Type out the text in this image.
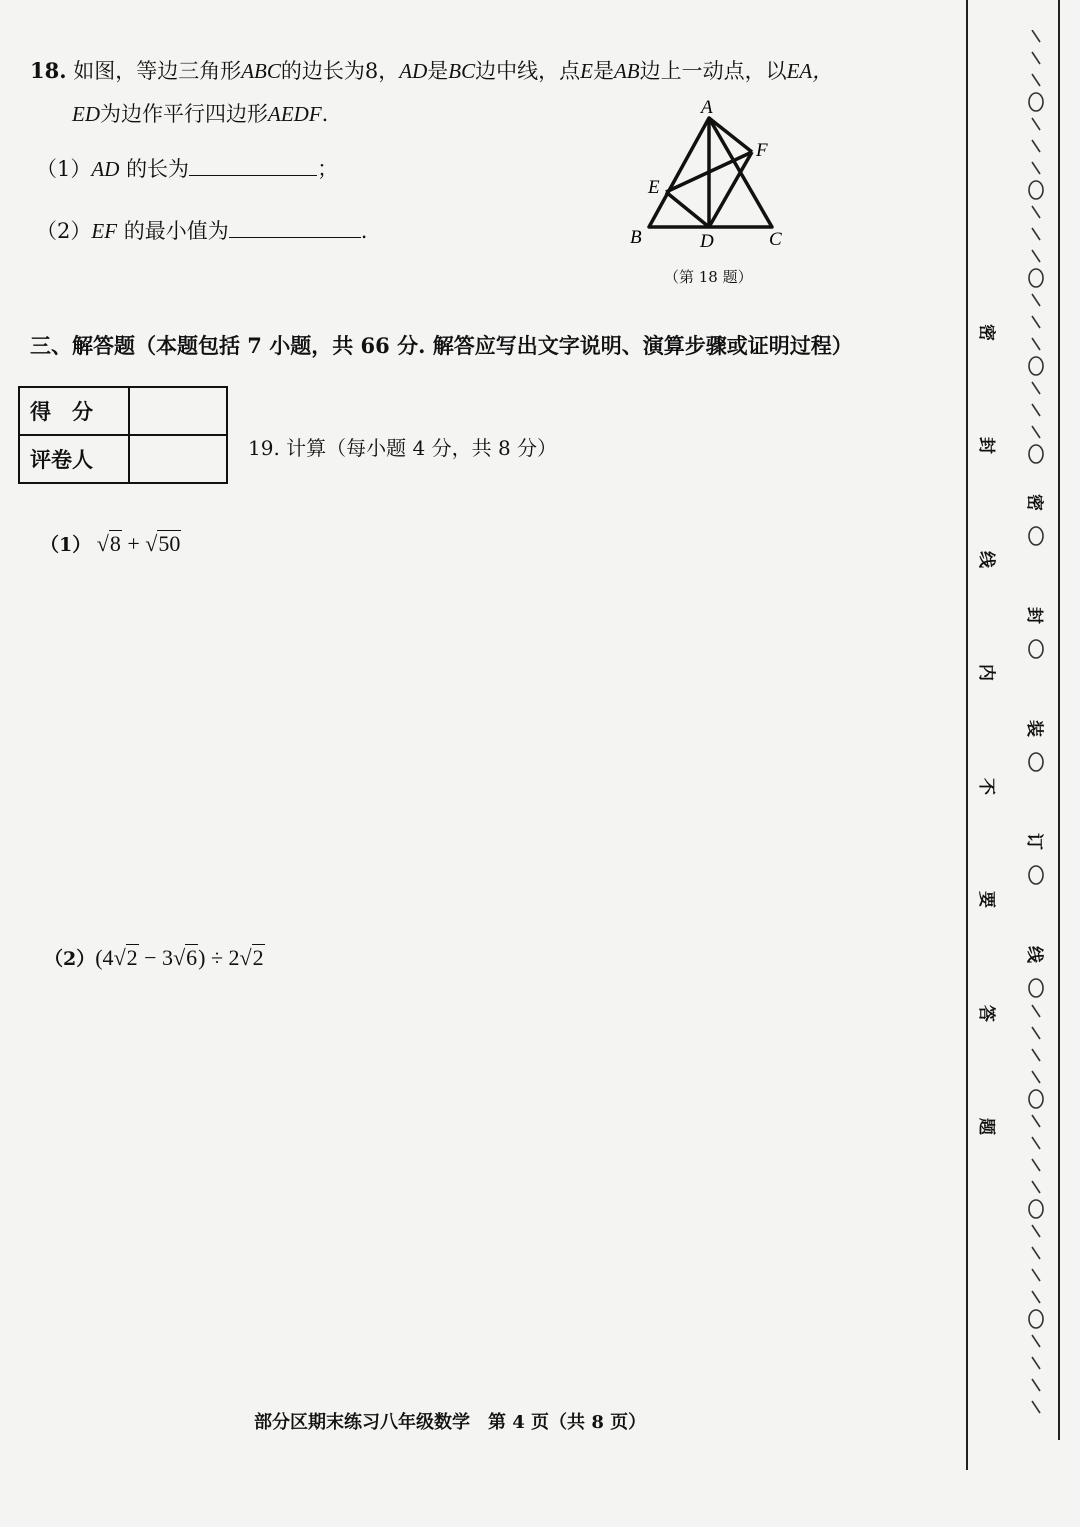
18. 如图，等边三角形ABC的边长为8，AD是BC边中线，点E是AB边上一动点，以EA，
ED为边作平行四边形AEDF.
（1）AD 的长为	；
（2）EF 的最小值为	.
A
B	C
D
E
F
（第 18 题）
三、解答题（本题包括 7 小题，共 66 分. 解答应写出文字说明、演算步骤或证明过程）
得　分	
评卷人		19. 计算（每小题 4 分，共 8 分）
（1） √8 + √50
（2）(4√2 − 3√6) ÷ 2√2
部分区期末练习八年级数学　第 4 页（共 8 页）
密
封
线
内
不
要
答
题
密
封
装
订
线
